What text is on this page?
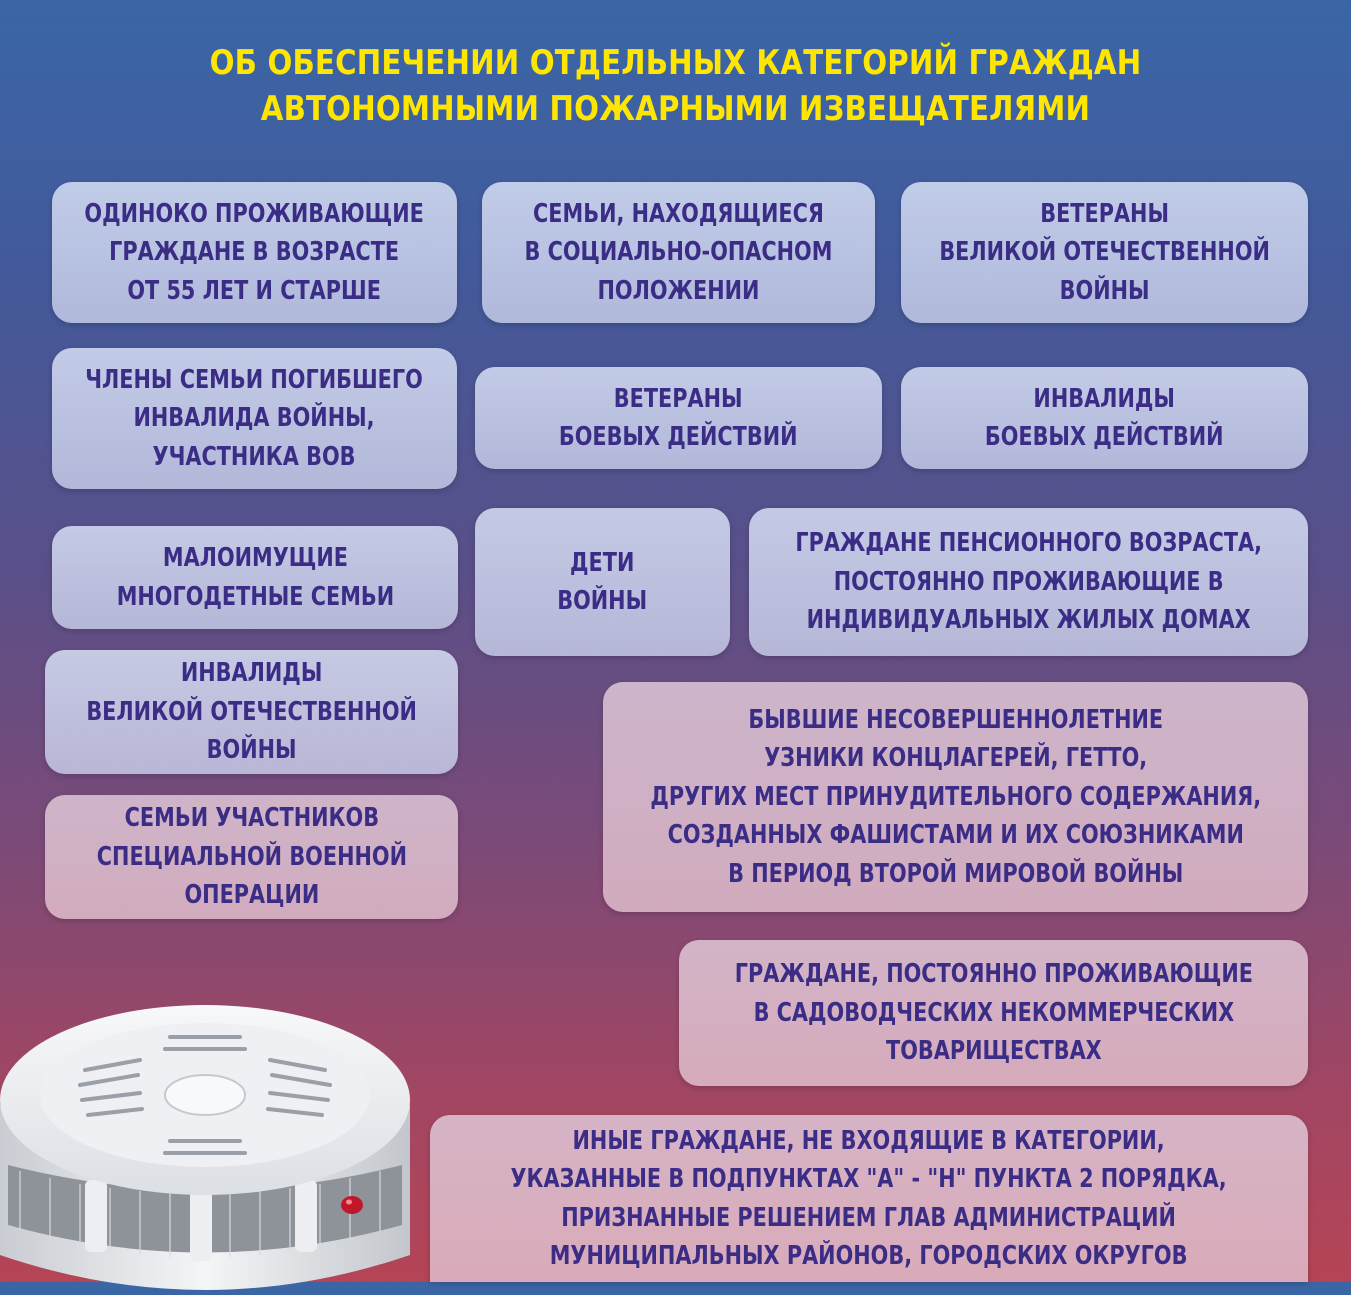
ОБ ОБЕСПЕЧЕНИИ ОТДЕЛЬНЫХ КАТЕГОРИЙ ГРАЖДАН
АВТОНОМНЫМИ ПОЖАРНЫМИ ИЗВЕЩАТЕЛЯМИ
ОДИНОКО ПРОЖИВАЮЩИЕ
ГРАЖДАНЕ В ВОЗРАСТЕ
ОТ 55 ЛЕТ И СТАРШЕ
СЕМЬИ, НАХОДЯЩИЕСЯ
В СОЦИАЛЬНО-ОПАСНОМ
ПОЛОЖЕНИИ
ВЕТЕРАНЫ
ВЕЛИКОЙ ОТЕЧЕСТВЕННОЙ
ВОЙНЫ
ЧЛЕНЫ СЕМЬИ ПОГИБШЕГО
ИНВАЛИДА ВОЙНЫ,
УЧАСТНИКА ВОВ
ВЕТЕРАНЫ
БОЕВЫХ ДЕЙСТВИЙ
ИНВАЛИДЫ
БОЕВЫХ ДЕЙСТВИЙ
МАЛОИМУЩИЕ
МНОГОДЕТНЫЕ СЕМЬИ
ДЕТИ
ВОЙНЫ
ГРАЖДАНЕ ПЕНСИОННОГО ВОЗРАСТА,
ПОСТОЯННО ПРОЖИВАЮЩИЕ В
ИНДИВИДУАЛЬНЫХ ЖИЛЫХ ДОМАХ
ИНВАЛИДЫ
ВЕЛИКОЙ ОТЕЧЕСТВЕННОЙ
ВОЙНЫ
БЫВШИЕ НЕСОВЕРШЕННОЛЕТНИЕ
УЗНИКИ КОНЦЛАГЕРЕЙ, ГЕТТО,
ДРУГИХ МЕСТ ПРИНУДИТЕЛЬНОГО СОДЕРЖАНИЯ,
СОЗДАННЫХ ФАШИСТАМИ И ИХ СОЮЗНИКАМИ
В ПЕРИОД ВТОРОЙ МИРОВОЙ ВОЙНЫ
СЕМЬИ УЧАСТНИКОВ
СПЕЦИАЛЬНОЙ ВОЕННОЙ
ОПЕРАЦИИ
ГРАЖДАНЕ, ПОСТОЯННО ПРОЖИВАЮЩИЕ
В САДОВОДЧЕСКИХ НЕКОММЕРЧЕСКИХ
ТОВАРИЩЕСТВАХ
ИНЫЕ ГРАЖДАНЕ, НЕ ВХОДЯЩИЕ В КАТЕГОРИИ,
УКАЗАННЫЕ В ПОДПУНКТАХ "А" - "Н" ПУНКТА 2 ПОРЯДКА,
ПРИЗНАННЫЕ РЕШЕНИЕМ ГЛАВ АДМИНИСТРАЦИЙ
МУНИЦИПАЛЬНЫХ РАЙОНОВ, ГОРОДСКИХ ОКРУГОВ
